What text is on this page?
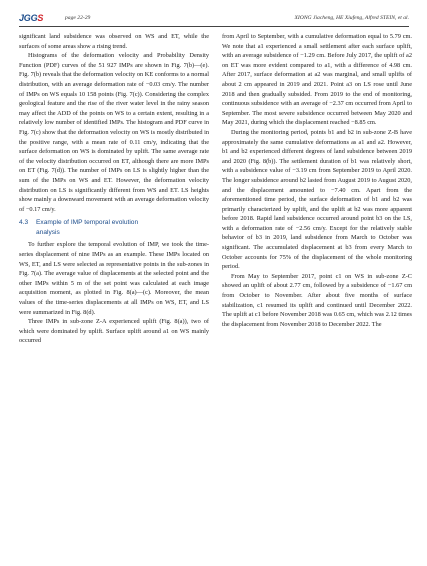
JGGS	page 22-29	XIONG Jiacheng, HE Xiufeng, Alfred STEIN, et al.

significant land subsidence was observed on WS and ET, while the surfaces of some areas show a rising trend.

Histograms of the deformation velocity and Probability Density Function (PDF) curves of the 51 927 IMPs are shown in Fig. 7(b)—(e). Fig. 7(b) reveals that the deformation velocity on KE conforms to a normal distribution, with an average deformation rate of −0.03 cm/y. The number of IMPs on WS equals 10 158 points (Fig. 7(c)). Considering the complex geological feature and the rise of the river water level in the rainy season may affect the ADD of the points on WS to a certain extent, resulting in a relatively low number of identified IMPs. The histogram and PDF curve in Fig. 7(c) show that the deformation velocity on WS is mostly distributed in the positive range, with a mean rate of 0.11 cm/y, indicating that the surface deformation on WS is dominated by uplift. The same average rate of the velocity distribution occurred on ET, although there are more IMPs on ET (Fig. 7(d)). The number of IMPs on LS is slightly higher than the sum of the IMPs on WS and ET. However, the deformation velocity distribution on LS is significantly different from WS and ET. LS heights show mainly a downward movement with an average deformation velocity of −0.17 cm/y.

4.3 Example of IMP temporal evolution
analysis

To further explore the temporal evolution of IMP, we took the time-series displacement of nine IMPs as an example. These IMPs located on WS, ET, and LS were selected as representative points in the sub-zones in Fig. 7(a). The average value of displacements at the selected point and the other IMPs within 5 m of the set point was calculated at each image acquisition moment, as plotted in Fig. 8(a)—(c). Moreover, the mean values of the time-series displacements at all IMPs on WS, ET, and LS were summarized in Fig. 8(d).

Three IMPs in sub-zone Z-A experienced uplift (Fig. 8(a)), two of which were dominated by uplift. Surface uplift around a1 on WS mainly occurred

from April to September, with a cumulative deformation equal to 5.79 cm. We note that a1 experienced a small settlement after each surface uplift, with an average subsidence of −1.29 cm. Before July 2017, the uplift of a2 on ET was more evident compared to a1, with a difference of 4.98 cm. After 2017, surface deformation at a2 was marginal, and small uplifts of about 2 cm appeared in 2019 and 2021. Point a3 on LS rose until June 2018 and then gradually subsided. From 2019 to the end of monitoring, continuous subsidence with an average of −2.37 cm occurred from April to September. The most severe subsidence occurred between May 2020 and May 2021, during which the displacement reached −8.85 cm.

During the monitoring period, points b1 and b2 in sub-zone Z-B have approximately the same cumulative deformations as a1 and a2. However, b1 and b2 experienced different degrees of land subsidence between 2019 and 2020 (Fig. 8(b)). The settlement duration of b1 was relatively short, with a subsidence value of −3.19 cm from September 2019 to April 2020. The longer subsidence around b2 lasted from August 2019 to August 2020, and the displacement amounted to −7.40 cm. Apart from the aforementioned time period, the surface deformation of b1 and b2 was primarily characterized by uplift, and the uplift at b2 was more apparent before 2018. Rapid land subsidence occurred around point b3 on the LS, with a deformation rate of −2.56 cm/y. Except for the relatively stable behavior of b3 in 2019, land subsidence from March to October was significant. The accumulated displacement at b3 from every March to October accounts for 75% of the displacement of the whole monitoring period.

From May to September 2017, point c1 on WS in sub-zone Z-C showed an uplift of about 2.77 cm, followed by a subsidence of −1.67 cm from October to November. After about five months of surface stabilization, c1 resumed its uplift and continued until December 2022. The uplift at c1 before November 2018 was 0.65 cm, which was 2.12 times the displacement from November 2018 to December 2022. The
